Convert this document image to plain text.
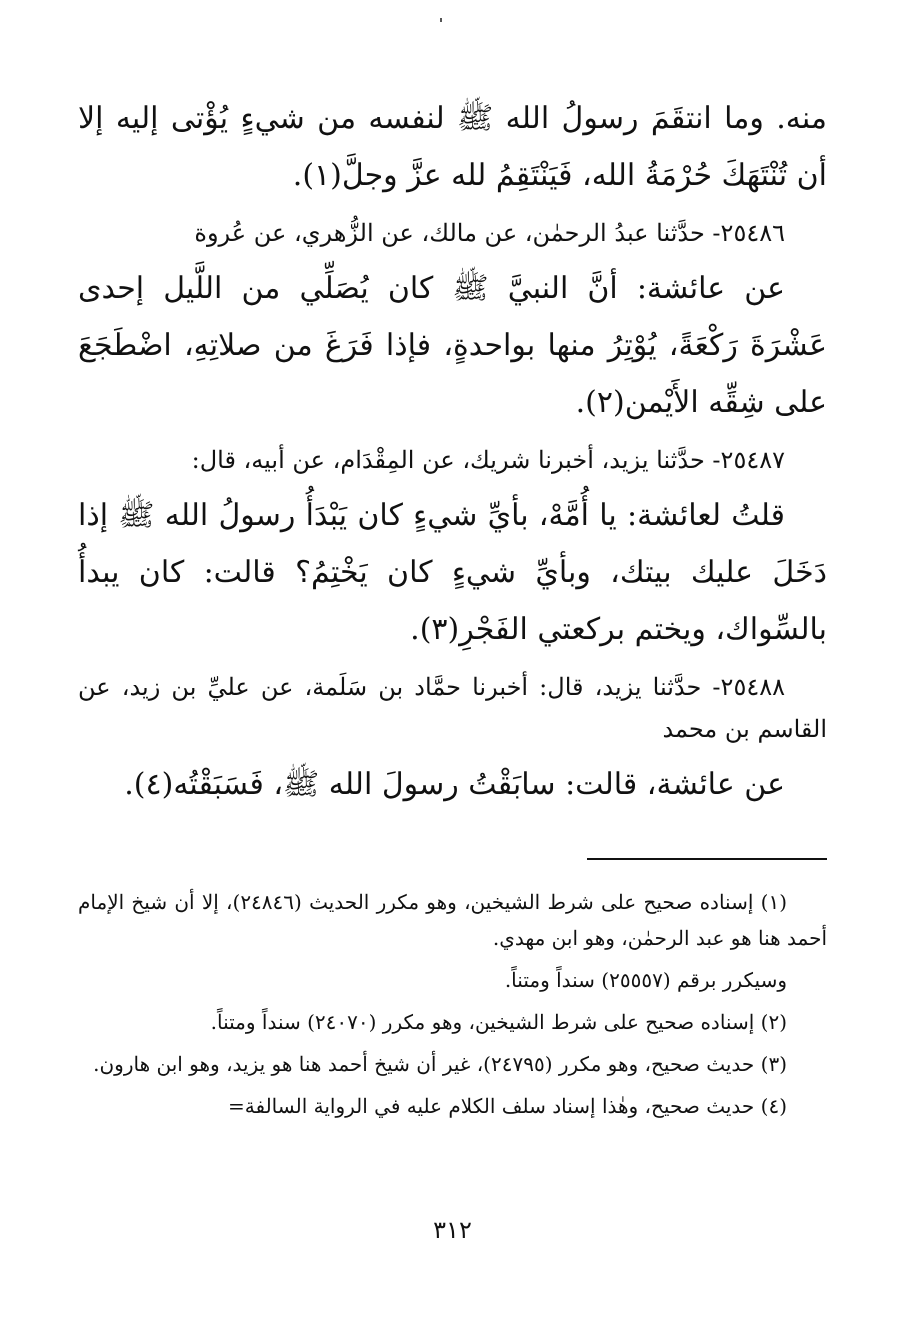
منه. وما انتقَمَ رسولُ الله ﷺ لنفسه من شيءٍ يُؤْتى إليه إلا أن تُنْتَهَكَ حُرْمَةُ الله، فَيَنْتَقِمُ لله عزَّ وجلَّ(١).

٢٥٤٨٦- حدَّثنا عبدُ الرحمٰن، عن مالك، عن الزُّهري، عن عُروة

عن عائشة: أنَّ النبيَّ ﷺ كان يُصَلِّي من اللَّيل إحدى عَشْرَةَ رَكْعَةً، يُوْتِرُ منها بواحدةٍ، فإذا فَرَغَ من صلاتِهِ، اضْطَجَعَ على شِقِّه الأَيْمن(٢).

٢٥٤٨٧- حدَّثنا يزيد، أخبرنا شريك، عن المِقْدَام، عن أبيه، قال:

قلتُ لعائشة: يا أُمَّهْ، بأيِّ شيءٍ كان يَبْدَأُ رسولُ الله ﷺ إذا دَخَلَ عليك بيتك، وبأيِّ شيءٍ كان يَخْتِمُ؟ قالت: كان يبدأُ بالسِّواك، ويختم بركعتي الفَجْرِ(٣).

٢٥٤٨٨- حدَّثنا يزيد، قال: أخبرنا حمَّاد بن سَلَمة، عن عليِّ بن زيد، عن القاسم بن محمد

عن عائشة، قالت: سابَقْتُ رسولَ الله ﷺ، فَسَبَقْتُه(٤).

(١) إسناده صحيح على شرط الشيخين، وهو مكرر الحديث (٢٤٨٤٦)، إلا أن شيخ الإمام أحمد هنا هو عبد الرحمٰن، وهو ابن مهدي.

وسيكرر برقم (٢٥٥٥٧) سنداً ومتناً.

(٢) إسناده صحيح على شرط الشيخين، وهو مكرر (٢٤٠٧٠) سنداً ومتناً.

(٣) حديث صحيح، وهو مكرر (٢٤٧٩٥)، غير أن شيخ أحمد هنا هو يزيد، وهو ابن هارون.

(٤) حديث صحيح، وهٰذا إسناد سلف الكلام عليه في الرواية السالفة=

٣١٢
